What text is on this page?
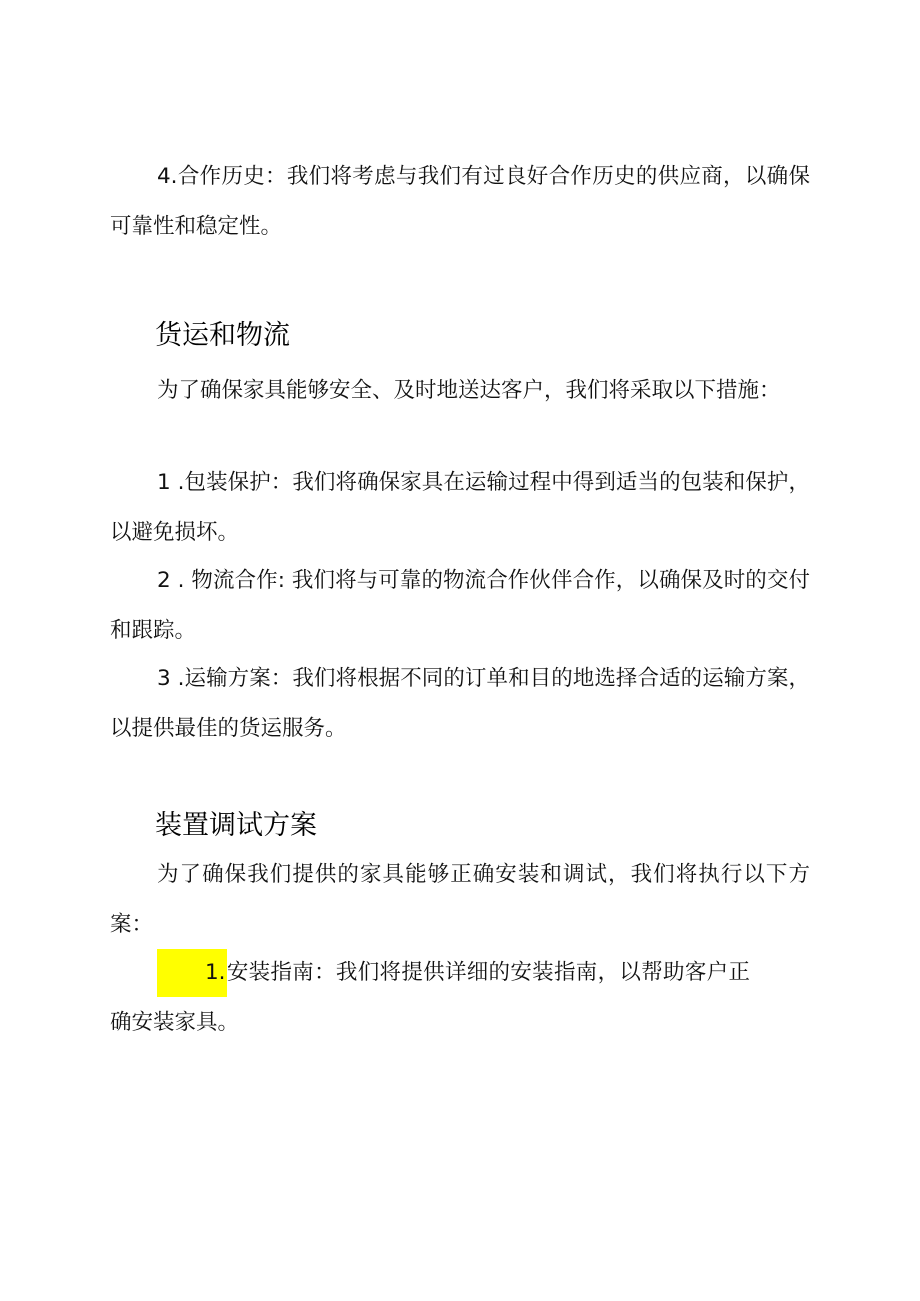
4.合作历史：我们将考虑与我们有过良好合作历史的供应商，以确保可靠性和稳定性。

货运和物流

为了确保家具能够安全、及时地送达客户，我们将采取以下措施：

1 .包装保护：我们将确保家具在运输过程中得到适当的包装和保护，以避免损坏。

2 . 物流合作: 我们将与可靠的物流合作伙伴合作，以确保及时的交付和跟踪。

3 .运输方案：我们将根据不同的订单和目的地选择合适的运输方案，以提供最佳的货运服务。

装置调试方案

为了确保我们提供的家具能够正确安装和调试，我们将执行以下方案：

1.安装指南：我们将提供详细的安装指南，以帮助客户正确安装家具。
